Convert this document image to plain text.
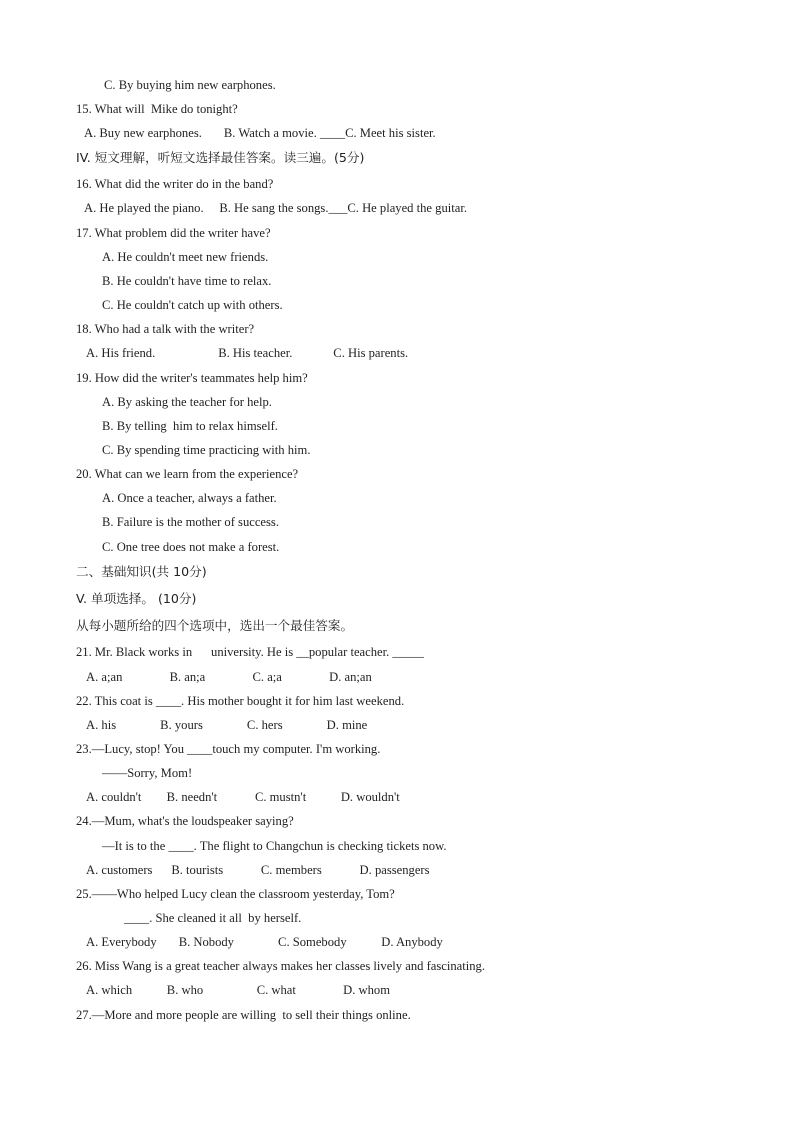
C. By buying him new earphones.
15. What will  Mike do tonight?
A. Buy new earphones.       B. Watch a movie. ____C. Meet his sister.
IV. 短文理解，听短文选择最佳答案。读三遍。(5分)
16. What did the writer do in the band?
A. He played the piano.     B. He sang the songs.___C. He played the guitar.
17. What problem did the writer have?
A. He couldn't meet new friends.
B. He couldn't have time to relax.
C. He couldn't catch up with others.
18. Who had a talk with the writer?
A. His friend.                    B. His teacher.             C. His parents.
19. How did the writer's teammates help him?
A. By asking the teacher for help.
B. By telling  him to relax himself.
C. By spending time practicing with him.
20. What can we learn from the experience?
A. Once a teacher, always a father.
B. Failure is the mother of success.
C. One tree does not make a forest.
二、基础知识(共 10分)
V. 单项选择。 (10分)
从每小题所给的四个选项中，选出一个最佳答案。
21. Mr. Black works in      university. He is __popular teacher. _____
A. a;an               B. an;a               C. a;a               D. an;an
22. This coat is ____. His mother bought it for him last weekend.
A. his              B. yours              C. hers              D. mine
23.—Lucy, stop! You ____touch my computer. I'm working.
——Sorry, Mom!
A. couldn't        B. needn't            C. mustn't           D. wouldn't
24.—Mum, what's the loudspeaker saying?
—It is to the ____. The flight to Changchun is checking tickets now.
A. customers      B. tourists            C. members            D. passengers
25.——Who helped Lucy clean the classroom yesterday, Tom?
____. She cleaned it all  by herself.
A. Everybody       B. Nobody              C. Somebody           D. Anybody
26. Miss Wang is a great teacher always makes her classes lively and fascinating.
A. which           B. who                 C. what               D. whom
27.—More and more people are willing  to sell their things online.
